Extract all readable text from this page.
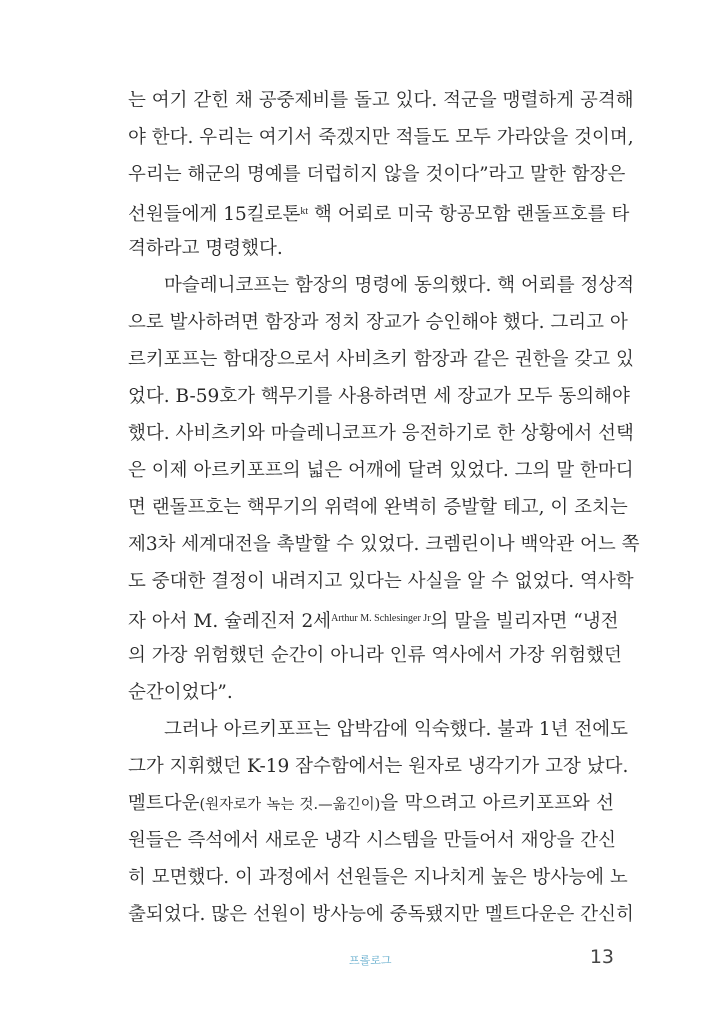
는 여기 갇힌 채 공중제비를 돌고 있다. 적군을 맹렬하게 공격해
야 한다. 우리는 여기서 죽겠지만 적들도 모두 가라앉을 것이며,
우리는 해군의 명예를 더럽히지 않을 것이다”라고 말한 함장은
선원들에게 15킬로톤$^{kt}$ 핵 어뢰로 미국 항공모함 랜돌프호를 타
격하라고 명령했다.
마슬레니코프는 함장의 명령에 동의했다. 핵 어뢰를 정상적
으로 발사하려면 함장과 정치 장교가 승인해야 했다. 그리고 아
르키포프는 함대장으로서 사비츠키 함장과 같은 권한을 갖고 있
었다. B-59호가 핵무기를 사용하려면 세 장교가 모두 동의해야
했다. 사비츠키와 마슬레니코프가 응전하기로 한 상황에서 선택
은 이제 아르키포프의 넓은 어깨에 달려 있었다. 그의 말 한마디
면 랜돌프호는 핵무기의 위력에 완벽히 증발할 테고, 이 조치는
제3차 세계대전을 촉발할 수 있었다. 크렘린이나 백악관 어느 쪽
도 중대한 결정이 내려지고 있다는 사실을 알 수 없었다. 역사학
자 아서 M. 슐레진저 2세$^{Arthur M. Schlesinger Jr}$의 말을 빌리자면 “냉전
의 가장 위험했던 순간이 아니라 인류 역사에서 가장 위험했던
순간이었다”.
그러나 아르키포프는 압박감에 익숙했다. 불과 1년 전에도
그가 지휘했던 K-19 잠수함에서는 원자로 냉각기가 고장 났다.
멜트다운(원자로가 녹는 것.—옮긴이)을 막으려고 아르키포프와 선
원들은 즉석에서 새로운 냉각 시스템을 만들어서 재앙을 간신
히 모면했다. 이 과정에서 선원들은 지나치게 높은 방사능에 노
출되었다. 많은 선원이 방사능에 중독됐지만 멜트다운은 간신히
프롤로그	13
